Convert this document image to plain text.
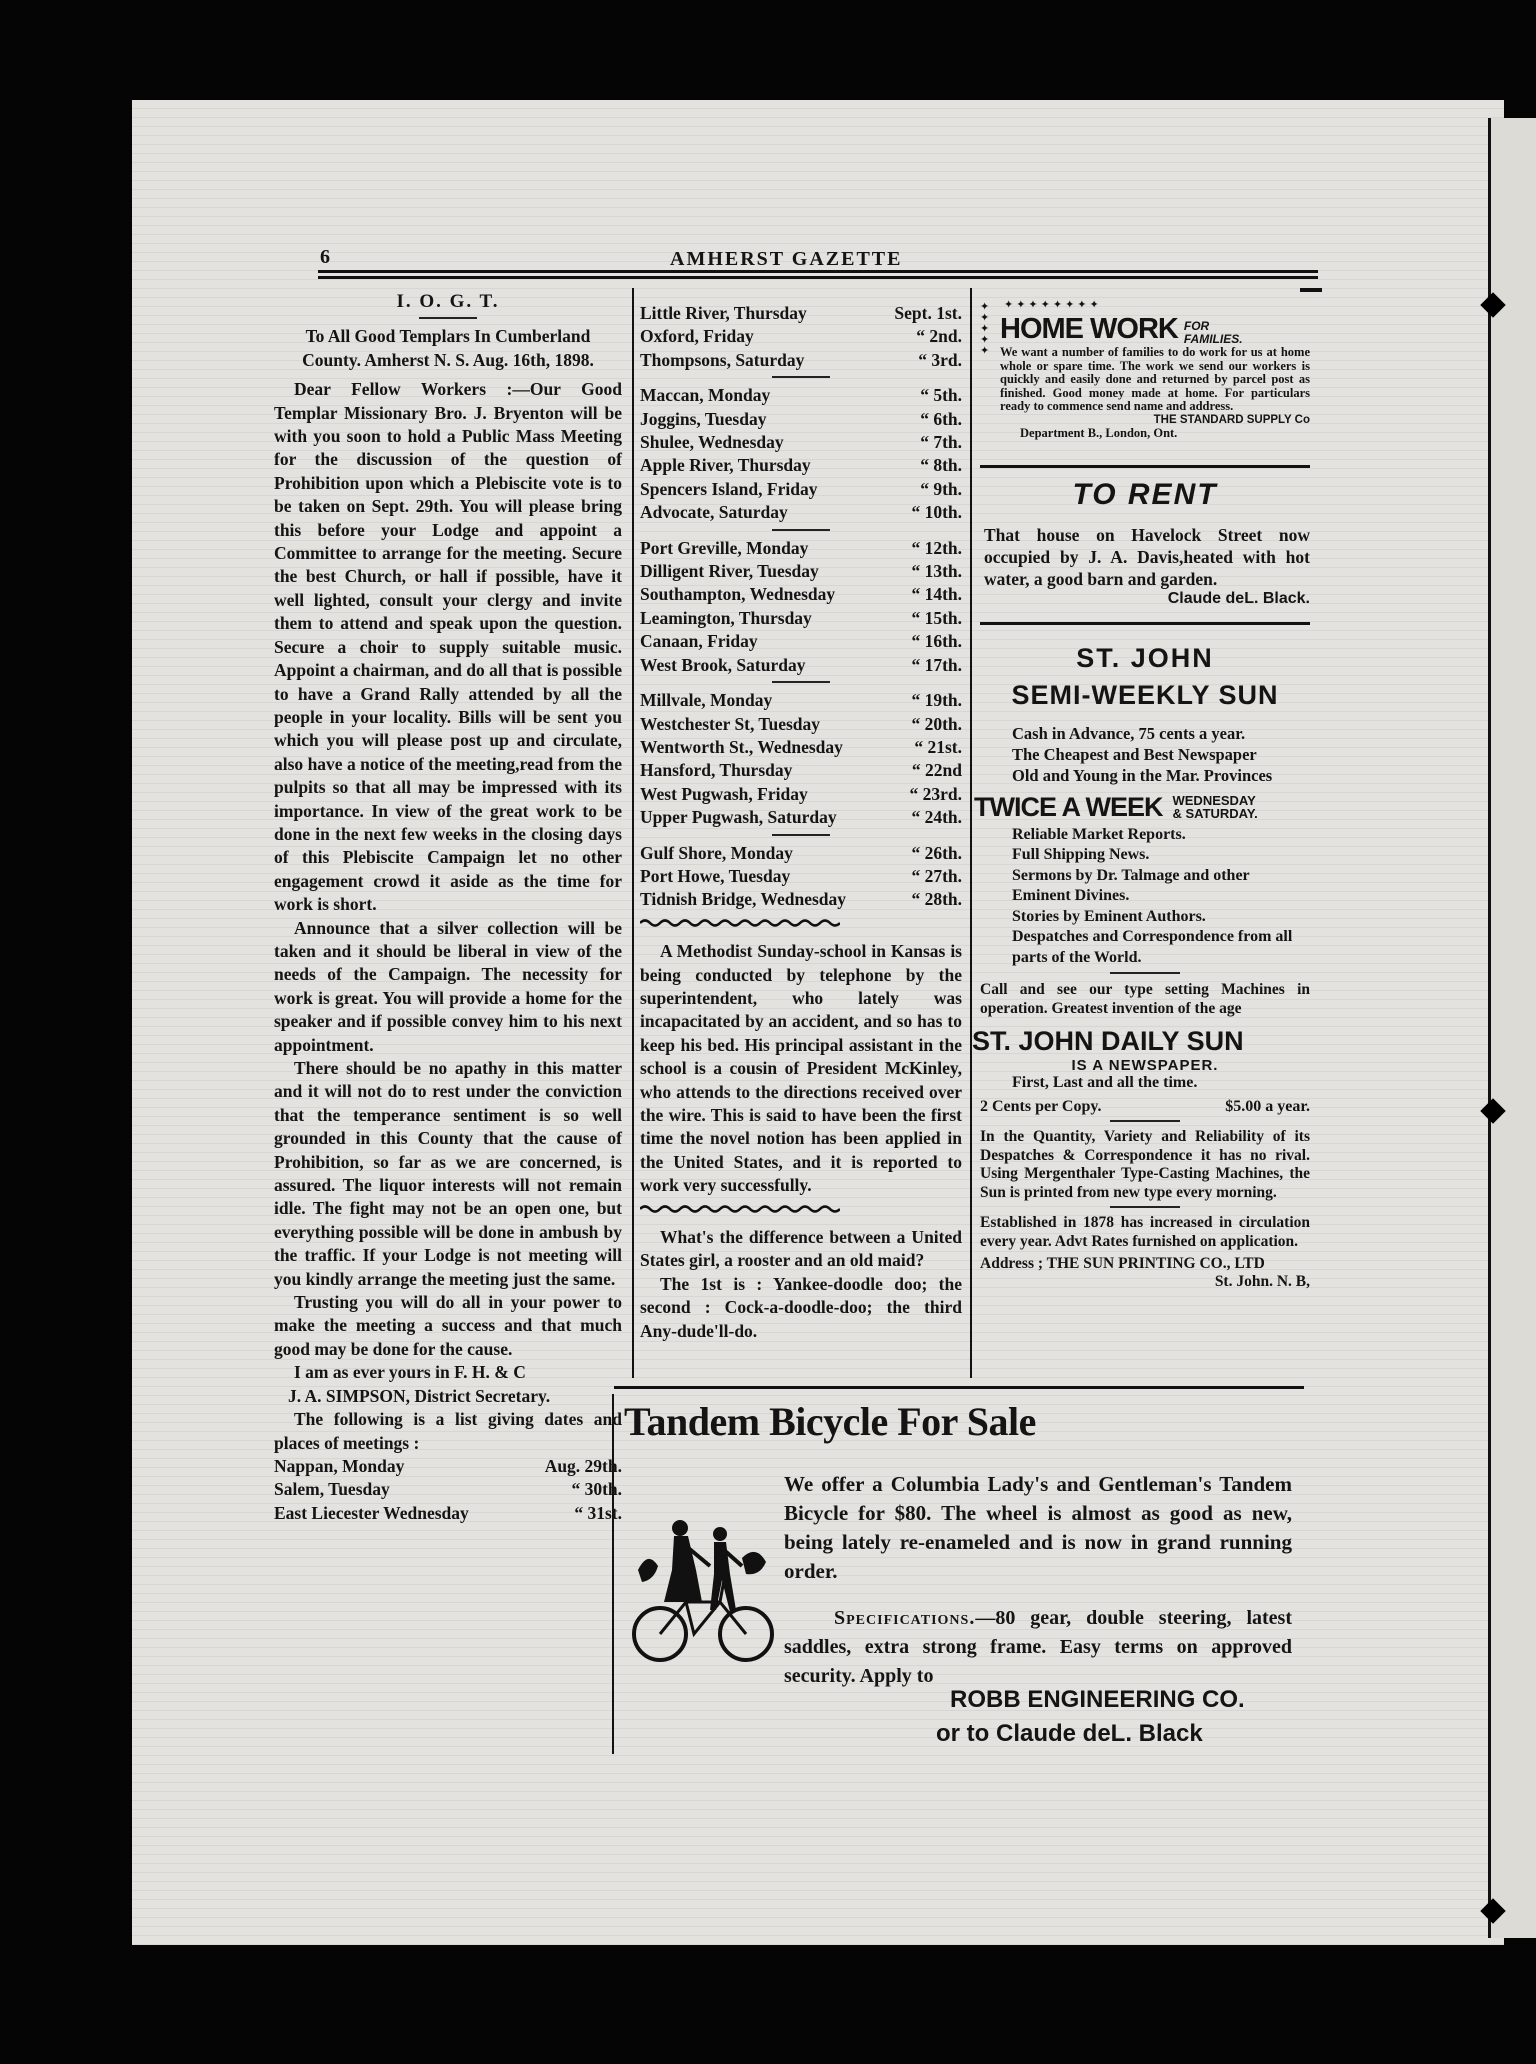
6	AMHERST GAZETTE
I. O. G. T.

To All Good Templars In Cumberland County. Amherst N. S. Aug. 16th, 1898.

Dear Fellow Workers :—Our Good Templar Missionary Bro. J. Bryenton will be with you soon to hold a Public Mass Meeting for the discussion of the question of Prohibition upon which a Plebiscite vote is to be taken on Sept. 29th. You will please bring this before your Lodge and appoint a Committee to arrange for the meeting. Secure the best Church, or hall if possible, have it well lighted, consult your clergy and invite them to attend and speak upon the question. Secure a choir to supply suitable music. Appoint a chairman, and do all that is possible to have a Grand Rally attended by all the people in your locality. Bills will be sent you which you will please post up and circulate, also have a notice of the meeting,read from the pulpits so that all may be impressed with its importance. In view of the great work to be done in the next few weeks in the closing days of this Plebiscite Campaign let no other engagement crowd it aside as the time for work is short.

Announce that a silver collection will be taken and it should be liberal in view of the needs of the Campaign. The necessity for work is great. You will provide a home for the speaker and if possible convey him to his next appointment.

There should be no apathy in this matter and it will not do to rest under the conviction that the temperance sentiment is so well grounded in this County that the cause of Prohibition, so far as we are concerned, is assured. The liquor interests will not remain idle. The fight may not be an open one, but everything possible will be done in ambush by the traffic. If your Lodge is not meeting will you kindly arrange the meeting just the same.

Trusting you will do all in your power to make the meeting a success and that much good may be done for the cause.

I am as ever yours in F. H. & C

J. A. SIMPSON, District Secretary.

The following is a list giving dates and places of meetings :

Nappan, Monday	Aug. 29th.
Salem, Tuesday	“ 30th.
East Liecester Wednesday	“ 31st.
Little River, Thursday	Sept. 1st.
Oxford, Friday	“ 2nd.
Thompsons, Saturday	“ 3rd.
Maccan, Monday	“ 5th.
Joggins, Tuesday	“ 6th.
Shulee, Wednesday	“ 7th.
Apple River, Thursday	“ 8th.
Spencers Island, Friday	“ 9th.
Advocate, Saturday	“ 10th.
Port Greville, Monday	“ 12th.
Dilligent River, Tuesday	“ 13th.
Southampton, Wednesday	“ 14th.
Leamington, Thursday	“ 15th.
Canaan, Friday	“ 16th.
West Brook, Saturday	“ 17th.
Millvale, Monday	“ 19th.
Westchester St, Tuesday	“ 20th.
Wentworth St., Wednesday	“ 21st.
Hansford, Thursday	“ 22nd
West Pugwash, Friday	“ 23rd.
Upper Pugwash, Saturday	“ 24th.
Gulf Shore, Monday	“ 26th.
Port Howe, Tuesday	“ 27th.
Tidnish Bridge, Wednesday	“ 28th.

A Methodist Sunday-school in Kansas is being conducted by telephone by the superintendent, who lately was incapacitated by an accident, and so has to keep his bed. His principal assistant in the school is a cousin of President McKinley, who attends to the directions received over the wire. This is said to have been the first time the novel notion has been applied in the United States, and it is reported to work very successfully.

What's the difference between a United States girl, a rooster and an old maid?

The 1st is : Yankee-doodle doo; the second : Cock-a-doodle-doo; the third Any-dude'll-do.

✦
✦
✦
✦
✦
✦✦✦✦✦✦✦✦
HOME WORK FOR
FAMILIES.
We want a number of families to do work for us at home whole or spare time. The work we send our workers is quickly and easily done and returned by parcel post as finished. Good money made at home. For particulars ready to commence send name and address.
THE STANDARD SUPPLY Co
Department B., London, Ont.
TO RENT
That house on Havelock Street now occupied by J. A. Davis,heated with hot water, a good barn and garden.
Claude deL. Black.
ST. JOHN
SEMI-WEEKLY SUN
Cash in Advance, 75 cents a year.
The Cheapest and Best Newspaper
Old and Young in the Mar. Provinces
TWICE A WEEK WEDNESDAY
& SATURDAY.
Reliable Market Reports.
Full Shipping News.
Sermons by Dr. Talmage and other Eminent Divines.
Stories by Eminent Authors.
Despatches and Correspondence from all parts of the World.
Call and see our type setting Machines in operation. Greatest invention of the age
ST. JOHN DAILY SUN
IS A NEWSPAPER.
First, Last and all the time.
2 Cents per Copy.	$5.00 a year.
In the Quantity, Variety and Reliability of its Despatches & Correspondence it has no rival. Using Mergenthaler Type-Casting Machines, the Sun is printed from new type every morning.
Established in 1878 has increased in circulation every year. Advt Rates furnished on application.
Address ; THE SUN PRINTING CO., LTD
St. John. N. B,
Tandem Bicycle For Sale
We offer a Columbia Lady's and Gentleman's Tandem Bicycle for $80. The wheel is almost as good as new, being lately re-enameled and is now in grand running order.
Specifications.—80 gear, double steering, latest saddles, extra strong frame. Easy terms on approved security. Apply to
ROBB ENGINEERING CO.
or to Claude deL. Black
